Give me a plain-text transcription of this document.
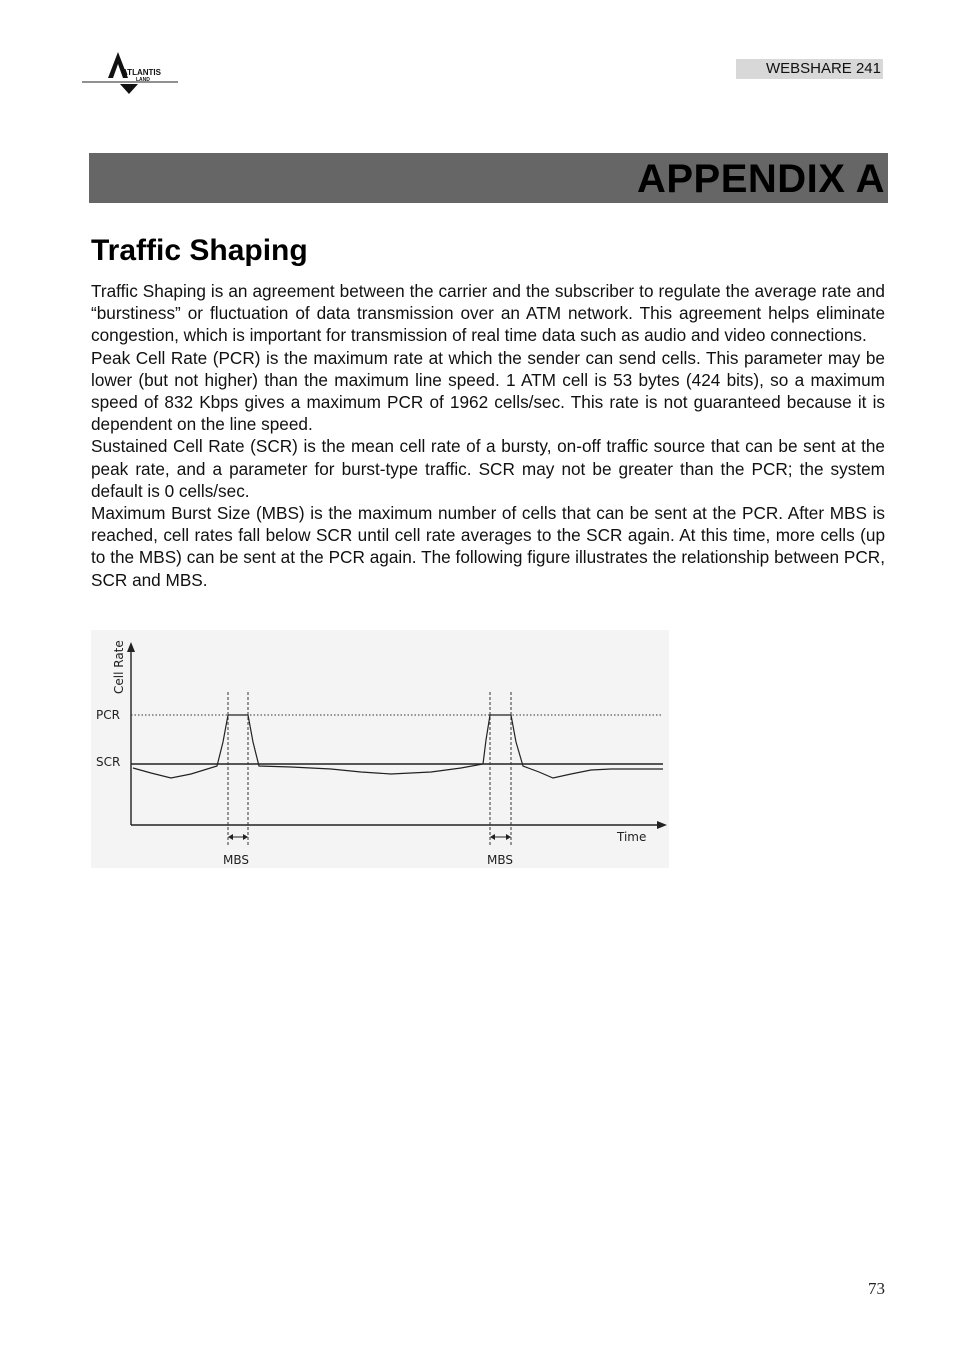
ATLANTIS
LAND
WEBSHARE 241
APPENDIX A
Traffic Shaping

Traffic Shaping is an agreement between the carrier and the subscriber to regulate the average rate and “burstiness” or fluctuation of data transmission over an ATM network. This agreement helps eliminate congestion, which is important for transmission of real time data such as audio and video connections.

Peak Cell Rate (PCR) is the maximum rate at which the sender can send cells. This parameter may be lower (but not higher) than the maximum line speed. 1 ATM cell is 53 bytes (424 bits), so a maximum speed of 832 Kbps gives a maximum PCR of 1962 cells/sec. This rate is not guaranteed because it is dependent on the line speed.

Sustained Cell Rate (SCR) is the mean cell rate of a bursty, on-off traffic source that can be sent at the peak rate, and a parameter for burst-type traffic. SCR may not be greater than the PCR; the system default is 0 cells/sec.

Maximum Burst Size (MBS) is the maximum number of cells that can be sent at the PCR. After MBS is reached, cell rates fall below SCR until cell rate averages to the SCR again. At this time, more cells (up to the MBS) can be sent at the PCR again. The following figure illustrates the relationship between PCR, SCR and MBS.

Cell Rate
Time
PCR
SCR
MBS	MBS
73
